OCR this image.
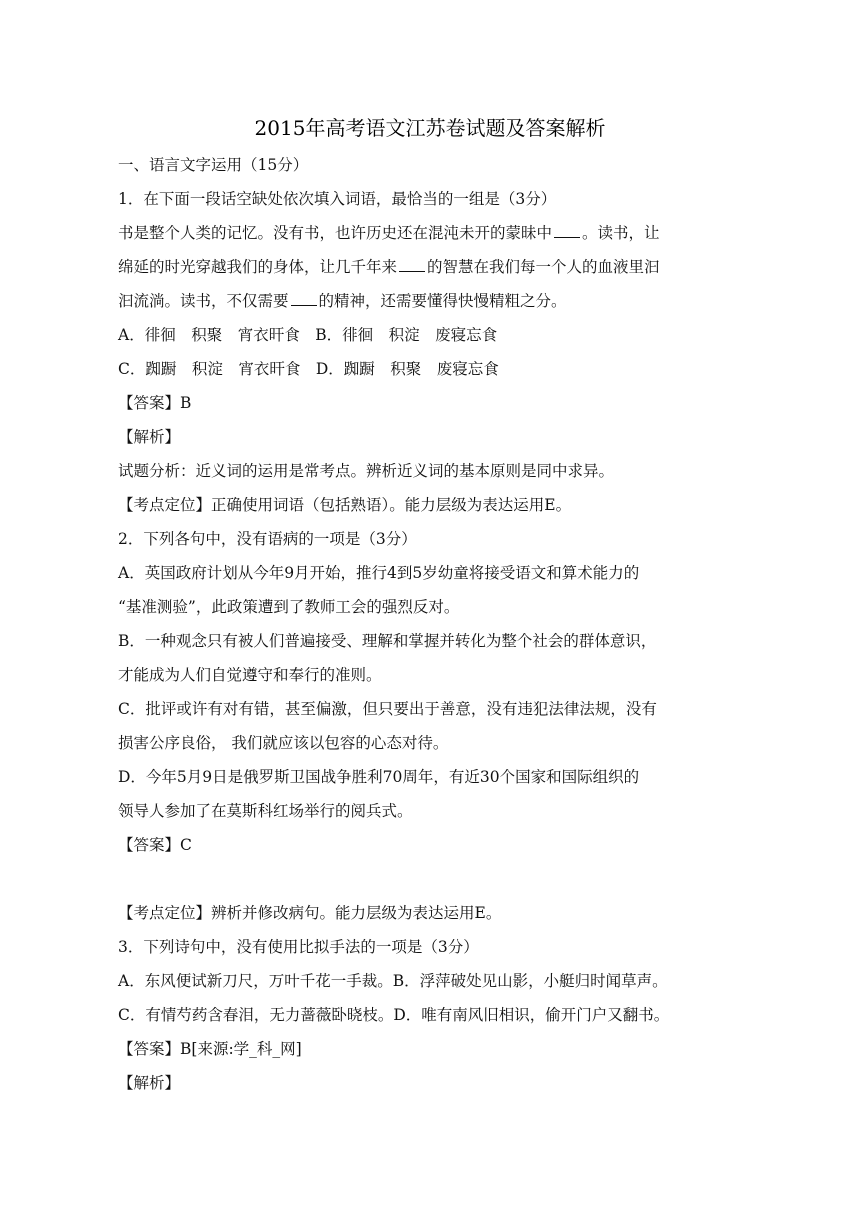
2015年高考语文江苏卷试题及答案解析
一、语言文字运用（15分）
1．在下面一段话空缺处依次填入词语，最恰当的一组是（3分）
书是整个人类的记忆。没有书，也许历史还在混沌未开的蒙昧中 。读书，让
绵延的时光穿越我们的身体，让几千年来 的智慧在我们每一个人的血液里汩
汩流淌。读书，不仅需要 的精神，还需要懂得快慢精粗之分。
A．徘徊　积聚　宵衣旰食　B．徘徊　积淀　废寝忘食
C．踟蹰　积淀　宵衣旰食　D．踟蹰　积聚　废寝忘食
【答案】B
【解析】
试题分析：近义词的运用是常考点。辨析近义词的基本原则是同中求异。
【考点定位】正确使用词语（包括熟语）。能力层级为表达运用E。
2．下列各句中，没有语病的一项是（3分）
A．英国政府计划从今年9月开始，推行4到5岁幼童将接受语文和算术能力的
“基准测验”，此政策遭到了教师工会的强烈反对。
B．一种观念只有被人们普遍接受、理解和掌握并转化为整个社会的群体意识，
才能成为人们自觉遵守和奉行的准则。
C．批评或许有对有错，甚至偏激，但只要出于善意，没有违犯法律法规，没有
损害公序良俗， 我们就应该以包容的心态对待。
D．今年5月9日是俄罗斯卫国战争胜利70周年，有近30个国家和国际组织的
领导人参加了在莫斯科红场举行的阅兵式。
【答案】C
【考点定位】辨析并修改病句。能力层级为表达运用E。
3．下列诗句中，没有使用比拟手法的一项是（3分）
A．东风便试新刀尺，万叶千花一手裁。B．浮萍破处见山影，小艇归时闻草声。
C．有情芍药含春泪，无力蔷薇卧晓枝。D．唯有南风旧相识，偷开门户又翻书。
【答案】B[来源:学_科_网]
【解析】
